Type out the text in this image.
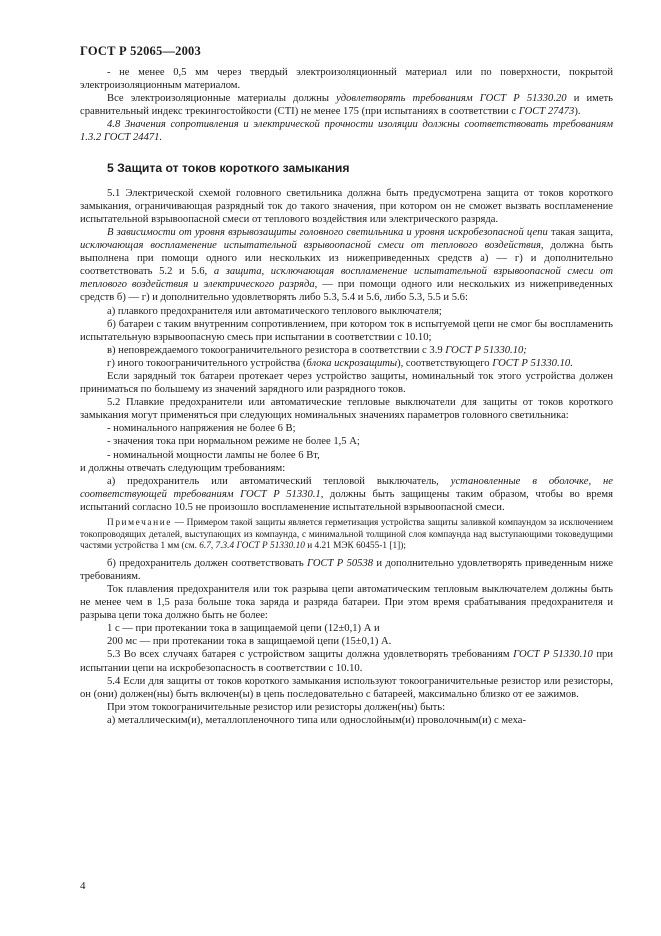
ГОСТ Р 52065—2003

- не менее 0,5 мм через твердый электроизоляционный материал или по поверхности, покрытой электроизоляционным материалом.

Все электроизоляционные материалы должны удовлетворять требованиям ГОСТ Р 51330.20 и иметь сравнительный индекс трекингостойкости (СТI) не менее 175 (при испытаниях в соответствии с ГОСТ 27473).

4.8 Значения сопротивления и электрической прочности изоляции должны соответствовать требованиям 1.3.2 ГОСТ 24471.

5 Защита от токов короткого замыкания

5.1 Электрической схемой головного светильника должна быть предусмотрена защита от токов короткого замыкания, ограничивающая разрядный ток до такого значения, при котором он не сможет вызвать воспламенение испытательной взрывоопасной смеси от теплового воздействия или электрического разряда.

В зависимости от уровня взрывозащиты головного светильника и уровня искробезопасной цепи такая защита, исключающая воспламенение испытательной взрывоопасной смеси от теплового воздействия, должна быть выполнена при помощи одного или нескольких из нижеприведенных средств а) — г) и дополнительно соответствовать 5.2 и 5.6, а защита, исключающая воспламенение испытательной взрывоопасной смеси от теплового воздействия и электрического разряда, — при помощи одного или нескольких из нижеприведенных средств б) — г) и дополнительно удовлетворять либо 5.3, 5.4 и 5.6, либо 5.3, 5.5 и 5.6:

а) плавкого предохранителя или автоматического теплового выключателя;

б) батареи с таким внутренним сопротивлением, при котором ток в испытуемой цепи не смог бы воспламенить испытательную взрывоопасную смесь при испытании в соответствии с 10.10;

в) неповреждаемого токоограничительного резистора в соответствии с 3.9 ГОСТ Р 51330.10;

г) иного токоограничительного устройства (блока искрозащиты), соответствующего ГОСТ Р 51330.10.

Если зарядный ток батареи протекает через устройство защиты, номинальный ток этого устройства должен приниматься по большему из значений зарядного или разрядного токов.

5.2 Плавкие предохранители или автоматические тепловые выключатели для защиты от токов короткого замыкания могут применяться при следующих номинальных значениях параметров головного светильника:

- номинального напряжения не более 6 В;

- значения тока при нормальном режиме не более 1,5 А;

- номинальной мощности лампы не более 6 Вт,

и должны отвечать следующим требованиям:

а) предохранитель или автоматический тепловой выключатель, установленные в оболочке, не соответствующей требованиям ГОСТ Р 51330.1, должны быть защищены таким образом, чтобы во время испытаний согласно 10.5 не произошло воспламенение испытательной взрывоопасной смеси.

Примечание — Примером такой защиты является герметизация устройства защиты заливкой компаундом за исключением токопроводящих деталей, выступающих из компаунда, с минимальной толщиной слоя компаунда над выступающими токоведущими частями устройства 1 мм (см. 6.7, 7.3.4 ГОСТ Р 51330.10 и 4.21 МЭК 60455-1 [1]);

б) предохранитель должен соответствовать ГОСТ Р 50538 и дополнительно удовлетворять приведенным ниже требованиям.

Ток плавления предохранителя или ток разрыва цепи автоматическим тепловым выключателем должны быть не менее чем в 1,5 раза больше тока заряда и разряда батареи. При этом время срабатывания предохранителя и разрыва цепи тока должно быть не более:

1 с — при протекании тока в защищаемой цепи (12±0,1) А и

200 мс — при протекании тока в защищаемой цепи (15±0,1) А.

5.3 Во всех случаях батарея с устройством защиты должна удовлетворять требованиям ГОСТ Р 51330.10 при испытании цепи на искробезопасность в соответствии с 10.10.

5.4 Если для защиты от токов короткого замыкания используют токоограничительные резистор или резисторы, он (они) должен(ны) быть включен(ы) в цепь последовательно с батареей, максимально близко от ее зажимов.

При этом токоограничительные резистор или резисторы должен(ны) быть:

а) металлическим(и), металлопленочного типа или однослойным(и) проволочным(и) с меха-

4
